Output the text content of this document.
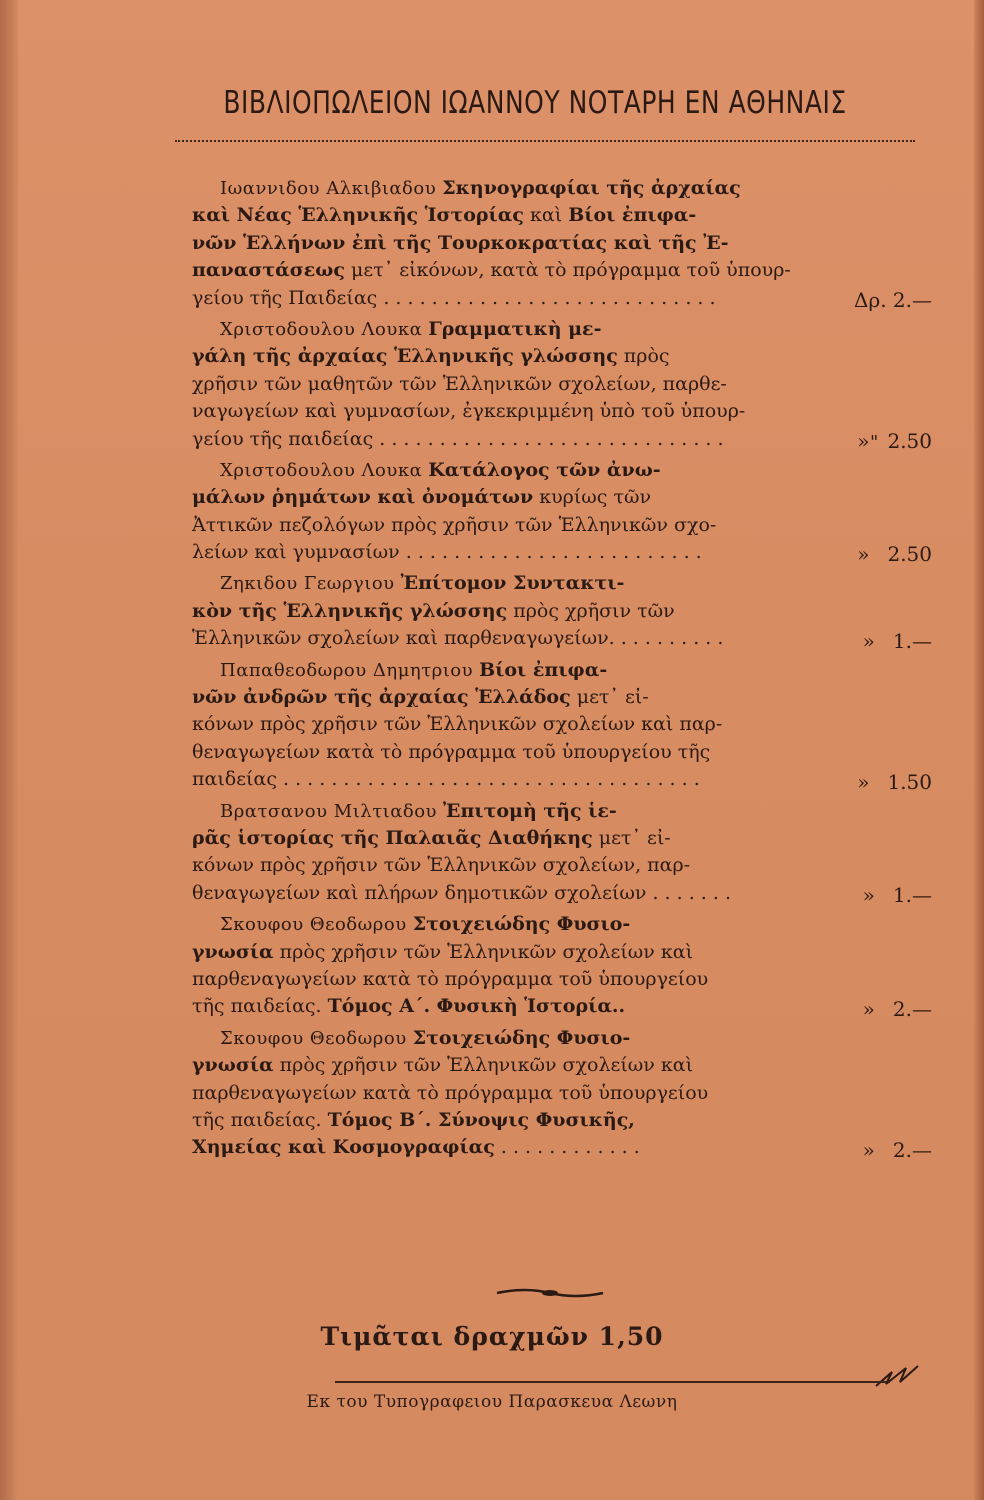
ΒΙΒΛΙΟΠΩΛΕΙΟΝ ΙΩΑΝΝΟΥ ΝΟΤΑΡΗ ΕΝ ΑΘΗΝΑΙΣ
Ιωαννιδου Αλκιβιαδου Σκηνογραφίαι τῆς ἀρχαίας
καὶ Νέας Ἑλληνικῆς Ἱστορίας καὶ Βίοι ἐπιφα-
νῶν Ἑλλήνων ἐπὶ τῆς Τουρκοκρατίας καὶ τῆς Ἐ-
παναστάσεως μετ᾽ εἰκόνων, κατὰ τὸ πρόγραμμα τοῦ ὑπουρ-
γείου τῆς Παιδείας . . . . . . . . . . . . . . . . . . . . . . . . . . . .	Δρ. 2.—
Χριστοδουλου Λουκα Γραμματικὴ με-
γάλη τῆς ἀρχαίας Ἑλληνικῆς γλώσσης πρὸς
χρῆσιν τῶν μαθητῶν τῶν Ἑλληνικῶν σχολείων, παρθε-
ναγωγείων καὶ γυμνασίων, ἐγκεκριμμένη ὑπὸ τοῦ ὑπουρ-
γείου τῆς παιδείας . . . . . . . . . . . . . . . . . . . . . . . . . . . . .	» 2.50
Χριστοδουλου Λουκα Κατάλογος τῶν ἀνω-
μάλων ῥημάτων καὶ ὀνομάτων κυρίως τῶν
Ἀττικῶν πεζολόγων πρὸς χρῆσιν τῶν Ἑλληνικῶν σχο-
λείων καὶ γυμνασίων . . . . . . . . . . . . . . . . . . . . . . . . .	» 2.50
Ζηκιδου Γεωργιου Ἐπίτομον Συντακτι-
κὸν τῆς Ἑλληνικῆς γλώσσης πρὸς χρῆσιν τῶν
Ἑλληνικῶν σχολείων καὶ παρθεναγωγείων. . . . . . . . . .	» 1.—
Παπαθεοδωρου Δημητριου Βίοι ἐπιφα-
νῶν ἀνδρῶν τῆς ἀρχαίας Ἑλλάδος μετ᾽ εἰ-
κόνων πρὸς χρῆσιν τῶν Ἑλληνικῶν σχολείων καὶ παρ-
θεναγωγείων κατὰ τὸ πρόγραμμα τοῦ ὑπουργείου τῆς
παιδείας . . . . . . . . . . . . . . . . . . . . . . . . . . . . . . . . . . .	» 1.50
Βρατσανου Μιλτιαδου Ἐπιτομὴ τῆς ἱε-
ρᾶς ἱστορίας τῆς Παλαιᾶς Διαθήκης μετ᾽ εἰ-
κόνων πρὸς χρῆσιν τῶν Ἑλληνικῶν σχολείων, παρ-
θεναγωγείων καὶ πλήρων δημοτικῶν σχολείων . . . . . . .	» 1.—
Σκουφου Θεοδωρου Στοιχειώδης Φυσιο-
γνωσία πρὸς χρῆσιν τῶν Ἑλληνικῶν σχολείων καὶ
παρθεναγωγείων κατὰ τὸ πρόγραμμα τοῦ ὑπουργείου
τῆς παιδείας. Τόμος Α΄. Φυσικὴ Ἱστορία..	» 2.—
Σκουφου Θεοδωρου Στοιχειώδης Φυσιο-
γνωσία πρὸς χρῆσιν τῶν Ἑλληνικῶν σχολείων καὶ
παρθεναγωγείων κατὰ τὸ πρόγραμμα τοῦ ὑπουργείου
τῆς παιδείας. Τόμος Β΄. Σύνοψις Φυσικῆς,
Χημείας καὶ Κοσμογραφίας . . . . . . . . . . . .	» 2.—
"
Τιμᾶται δραχμῶν 1,50
Εκ του Τυπογραφειου Παρασκευα Λεωνη
